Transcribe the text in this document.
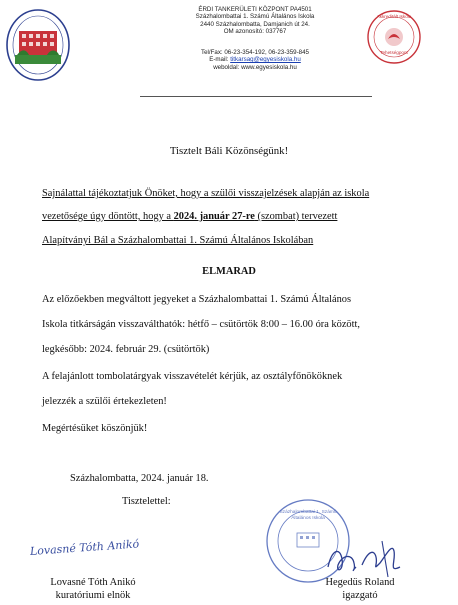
ÉRDI TANKERÜLETI KÖZPONT PA4501
Százhalombattai 1. Számú Általános Iskola
2440 Százhalombatta, Damjanich út 24.
OM azonosító: 037767
Tel/Fax: 06-23-354-192, 06-23-359-845
E-mail: titkarsag@egyesiskola.hu
weboldal: www.egyesiskola.hu
Akkreditált Iskola
Tehetségpont
Tisztelt Báli Közönségünk!
Sajnálattal tájékoztatjuk Önöket, hogy a szülői visszajelzések alapján az iskola
vezetősége úgy döntött, hogy a 2024. január 27-re (szombat) tervezett
Alapítványi Bál a Százhalombattai 1. Számú Általános Iskolában
ELMARAD
Az előzőekben megváltott jegyeket a Százhalombattai 1. Számú Általános
Iskola titkárságán visszaválthatók: hétfő – csütörtök 8:00 – 16.00 óra között,
legkésőbb: 2024. február 29. (csütörtök)
A felajánlott tombolatárgyak visszavételét kérjük, az osztályfőnököknek
jelezzék a szülői értekezleten!
Megértésüket köszönjük!
Százhalombatta, 2024. január 18.
Tisztelettel:
Lovasné Tóth Anikó
Lovasné Tóth Anikó
kuratóriumi elnök
Százhalombattai 1. Számú Általános Iskola
Hegedüs Roland
igazgató
